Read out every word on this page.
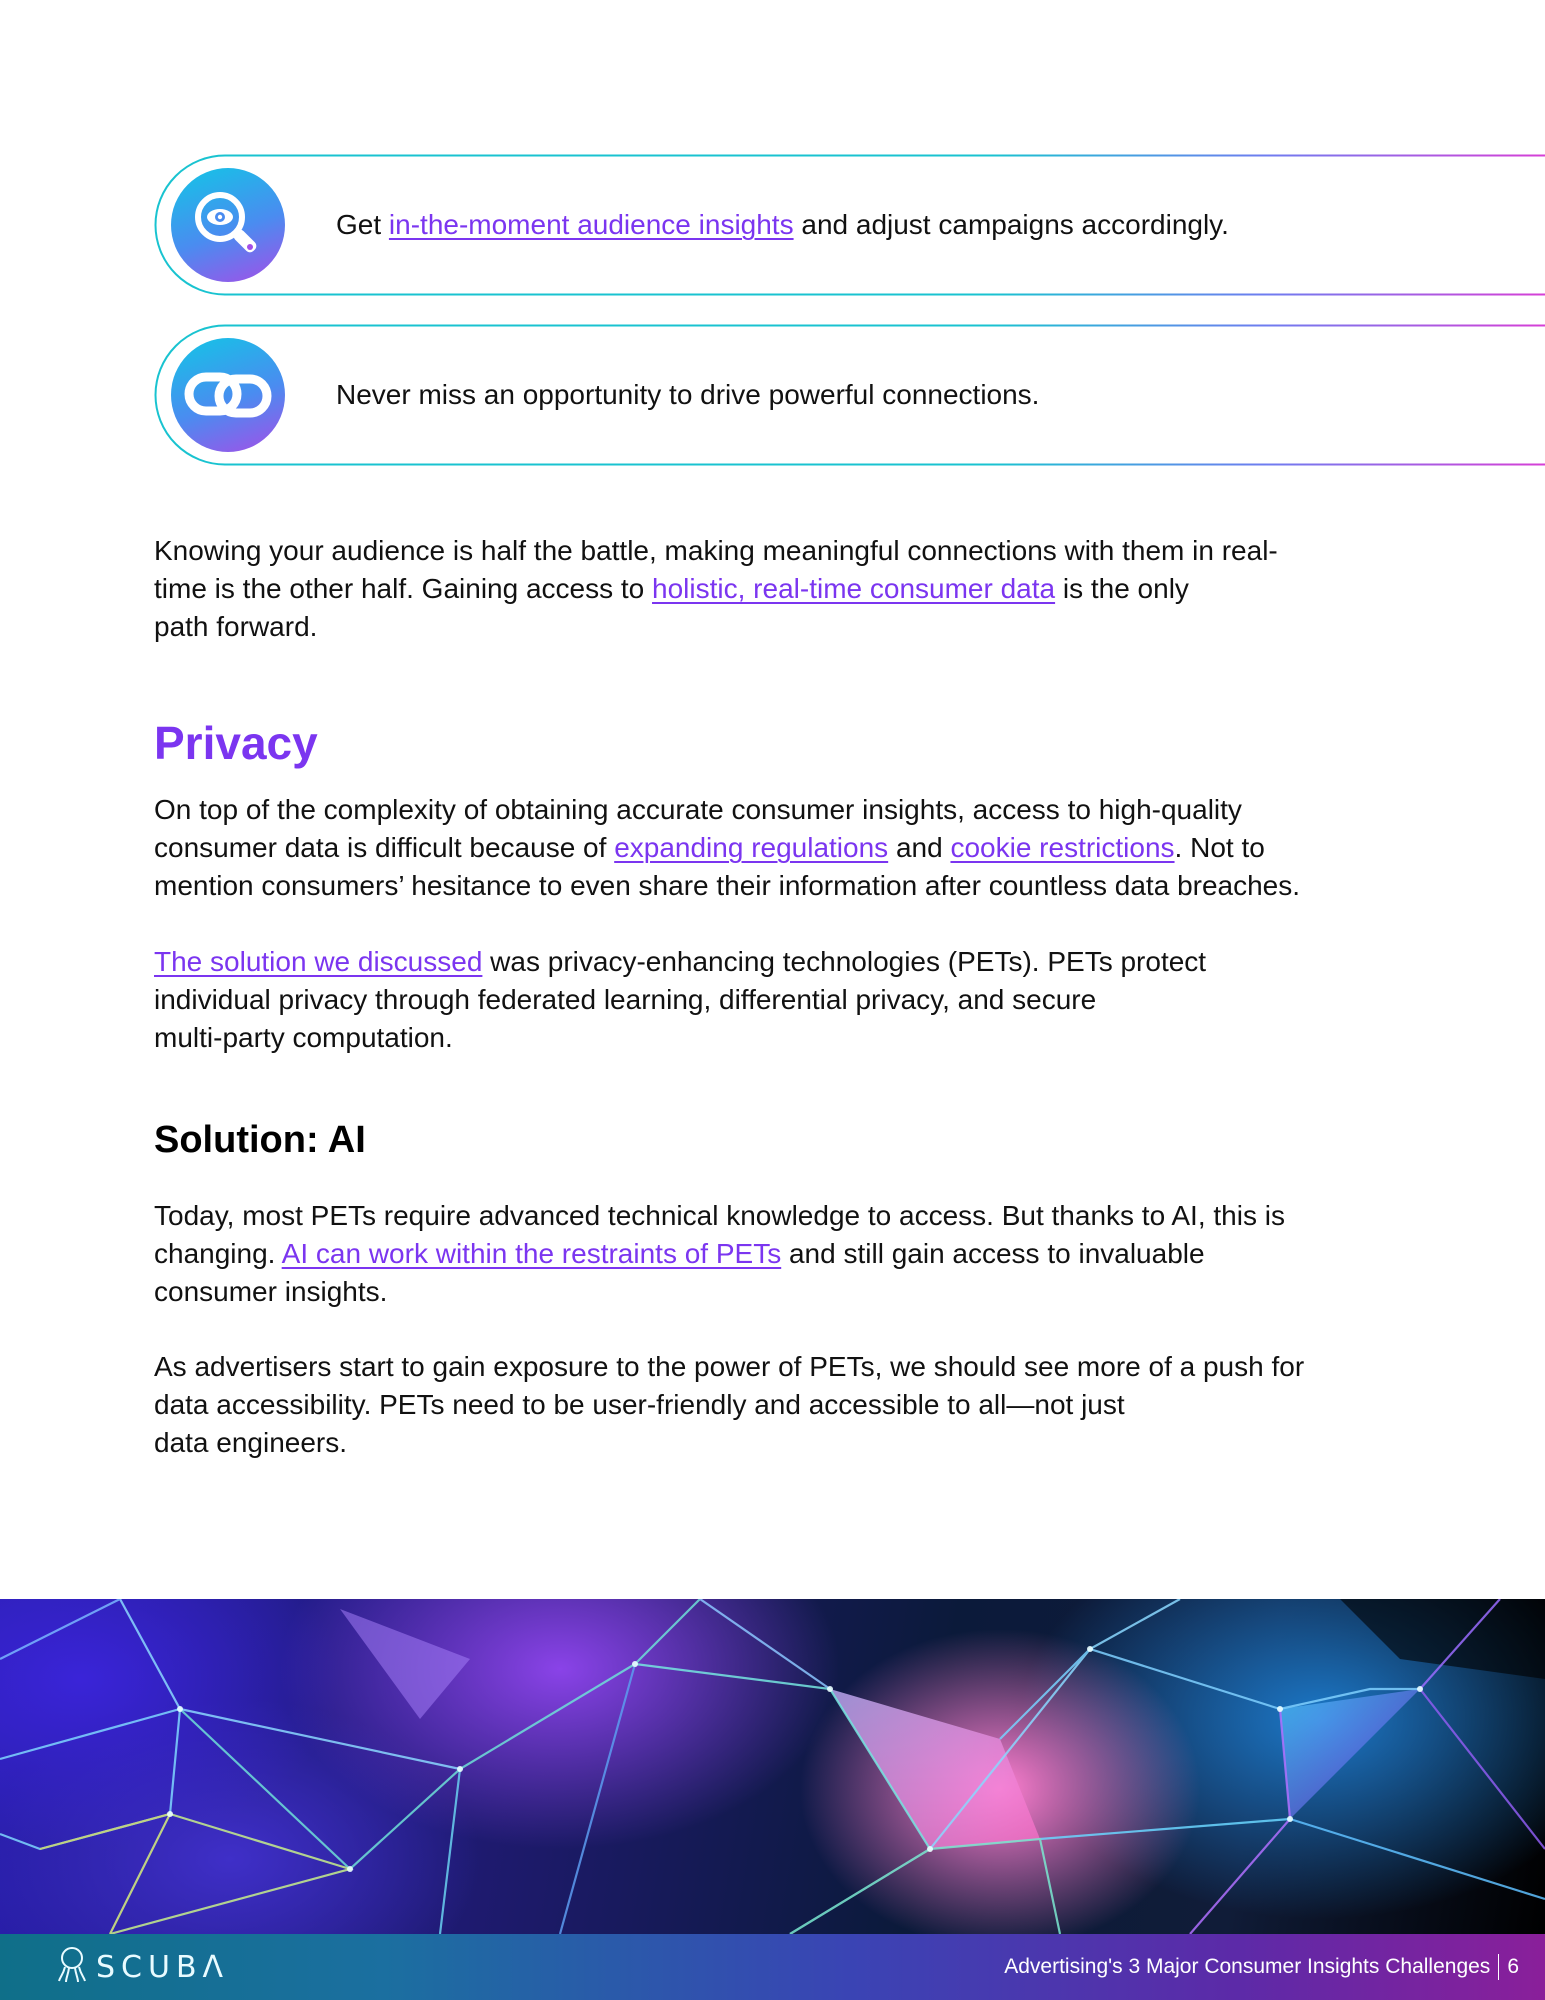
Get in-the-moment audience insights and adjust campaigns accordingly.
Never miss an opportunity to drive powerful connections.

Knowing your audience is half the battle, making meaningful connections with them in real-
time is the other half. Gaining access to holistic, real-time consumer data is the only
path forward.

Privacy

On top of the complexity of obtaining accurate consumer insights, access to high-quality
consumer data is difficult because of expanding regulations and cookie restrictions. Not to
mention consumers’ hesitance to even share their information after countless data breaches.

The solution we discussed was privacy-enhancing technologies (PETs). PETs protect
individual privacy through federated learning, differential privacy, and secure
multi-party computation.

Solution: AI

Today, most PETs require advanced technical knowledge to access. But thanks to AI, this is
changing. AI can work within the restraints of PETs and still gain access to invaluable
consumer insights.

As advertisers start to gain exposure to the power of PETs, we should see more of a push for
data accessibility. PETs need to be user-friendly and accessible to all—not just
data engineers.

SCUBΛ	Advertising's 3 Major Consumer Insights Challenges 6
